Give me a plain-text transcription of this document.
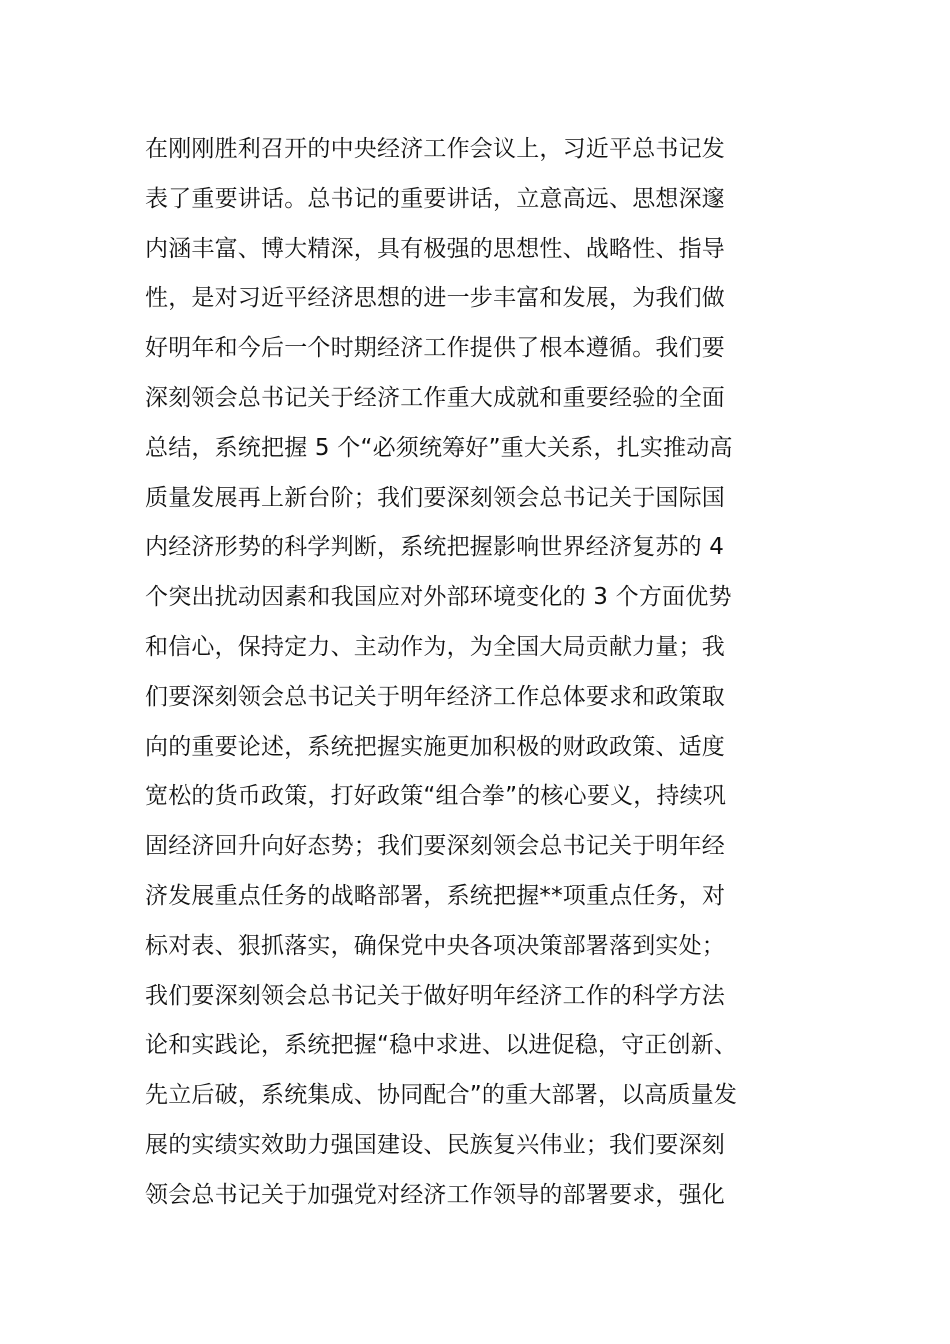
在刚刚胜利召开的中央经济工作会议上，习近平总书记发
表了重要讲话。总书记的重要讲话，立意高远、思想深邃
内涵丰富、博大精深，具有极强的思想性、战略性、指导
性，是对习近平经济思想的进一步丰富和发展，为我们做
好明年和今后一个时期经济工作提供了根本遵循。我们要
深刻领会总书记关于经济工作重大成就和重要经验的全面
总结，系统把握 5 个“必须统筹好”重大关系，扎实推动高
质量发展再上新台阶；我们要深刻领会总书记关于国际国
内经济形势的科学判断，系统把握影响世界经济复苏的 4
个突出扰动因素和我国应对外部环境变化的 3 个方面优势
和信心，保持定力、主动作为，为全国大局贡献力量；我
们要深刻领会总书记关于明年经济工作总体要求和政策取
向的重要论述，系统把握实施更加积极的财政政策、适度
宽松的货币政策，打好政策“组合拳”的核心要义，持续巩
固经济回升向好态势；我们要深刻领会总书记关于明年经
济发展重点任务的战略部署，系统把握**项重点任务，对
标对表、狠抓落实，确保党中央各项决策部署落到实处；
我们要深刻领会总书记关于做好明年经济工作的科学方法
论和实践论，系统把握“稳中求进、以进促稳，守正创新、
先立后破，系统集成、协同配合”的重大部署，以高质量发
展的实绩实效助力强国建设、民族复兴伟业；我们要深刻
领会总书记关于加强党对经济工作领导的部署要求，强化
